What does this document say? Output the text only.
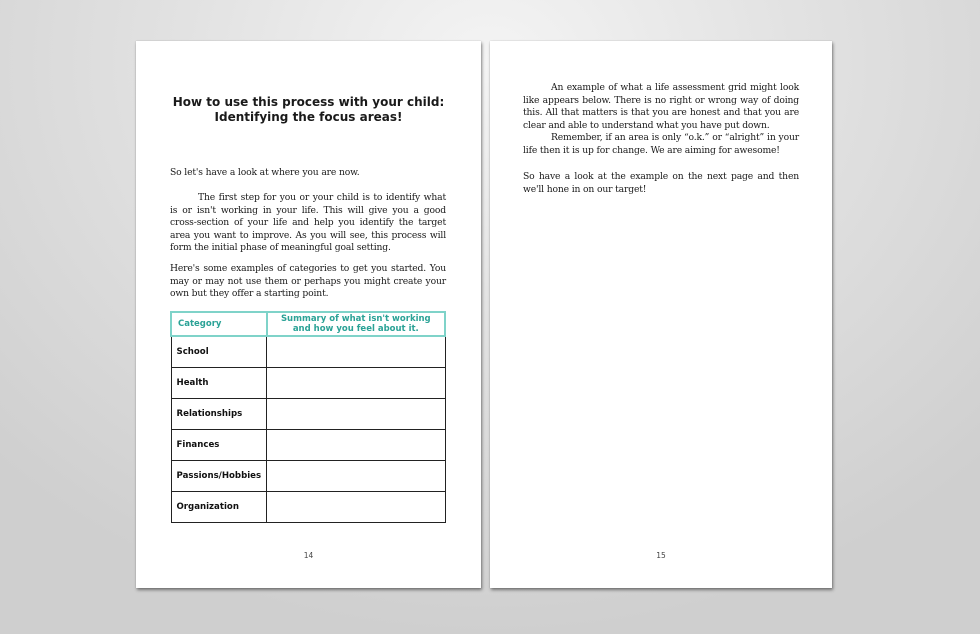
How to use this process with your child:
Identifying the focus areas!

So let's have a look at where you are now.

The first step for you or your child is to identify what is or isn't working in your life. This will give you a good cross-section of your life and help you identify the target area you want to improve. As you will see, this process will form the initial phase of meaningful goal setting.

Here's some examples of categories to get you started. You may or may not use them or perhaps you might create your own but they offer a starting point.

Category	Summary of what isn't working and how you feel about it.
School	
Health	
Relationships	
Finances	
Passions/Hobbies	
Organization	
14

An example of what a life assessment grid might look like appears below. There is no right or wrong way of doing this. All that matters is that you are honest and that you are clear and able to understand what you have put down.

Remember, if an area is only “o.k.” or “alright” in your life then it is up for change. We are aiming for awesome!

So have a look at the example on the next page and then we'll hone in on our target!

15
